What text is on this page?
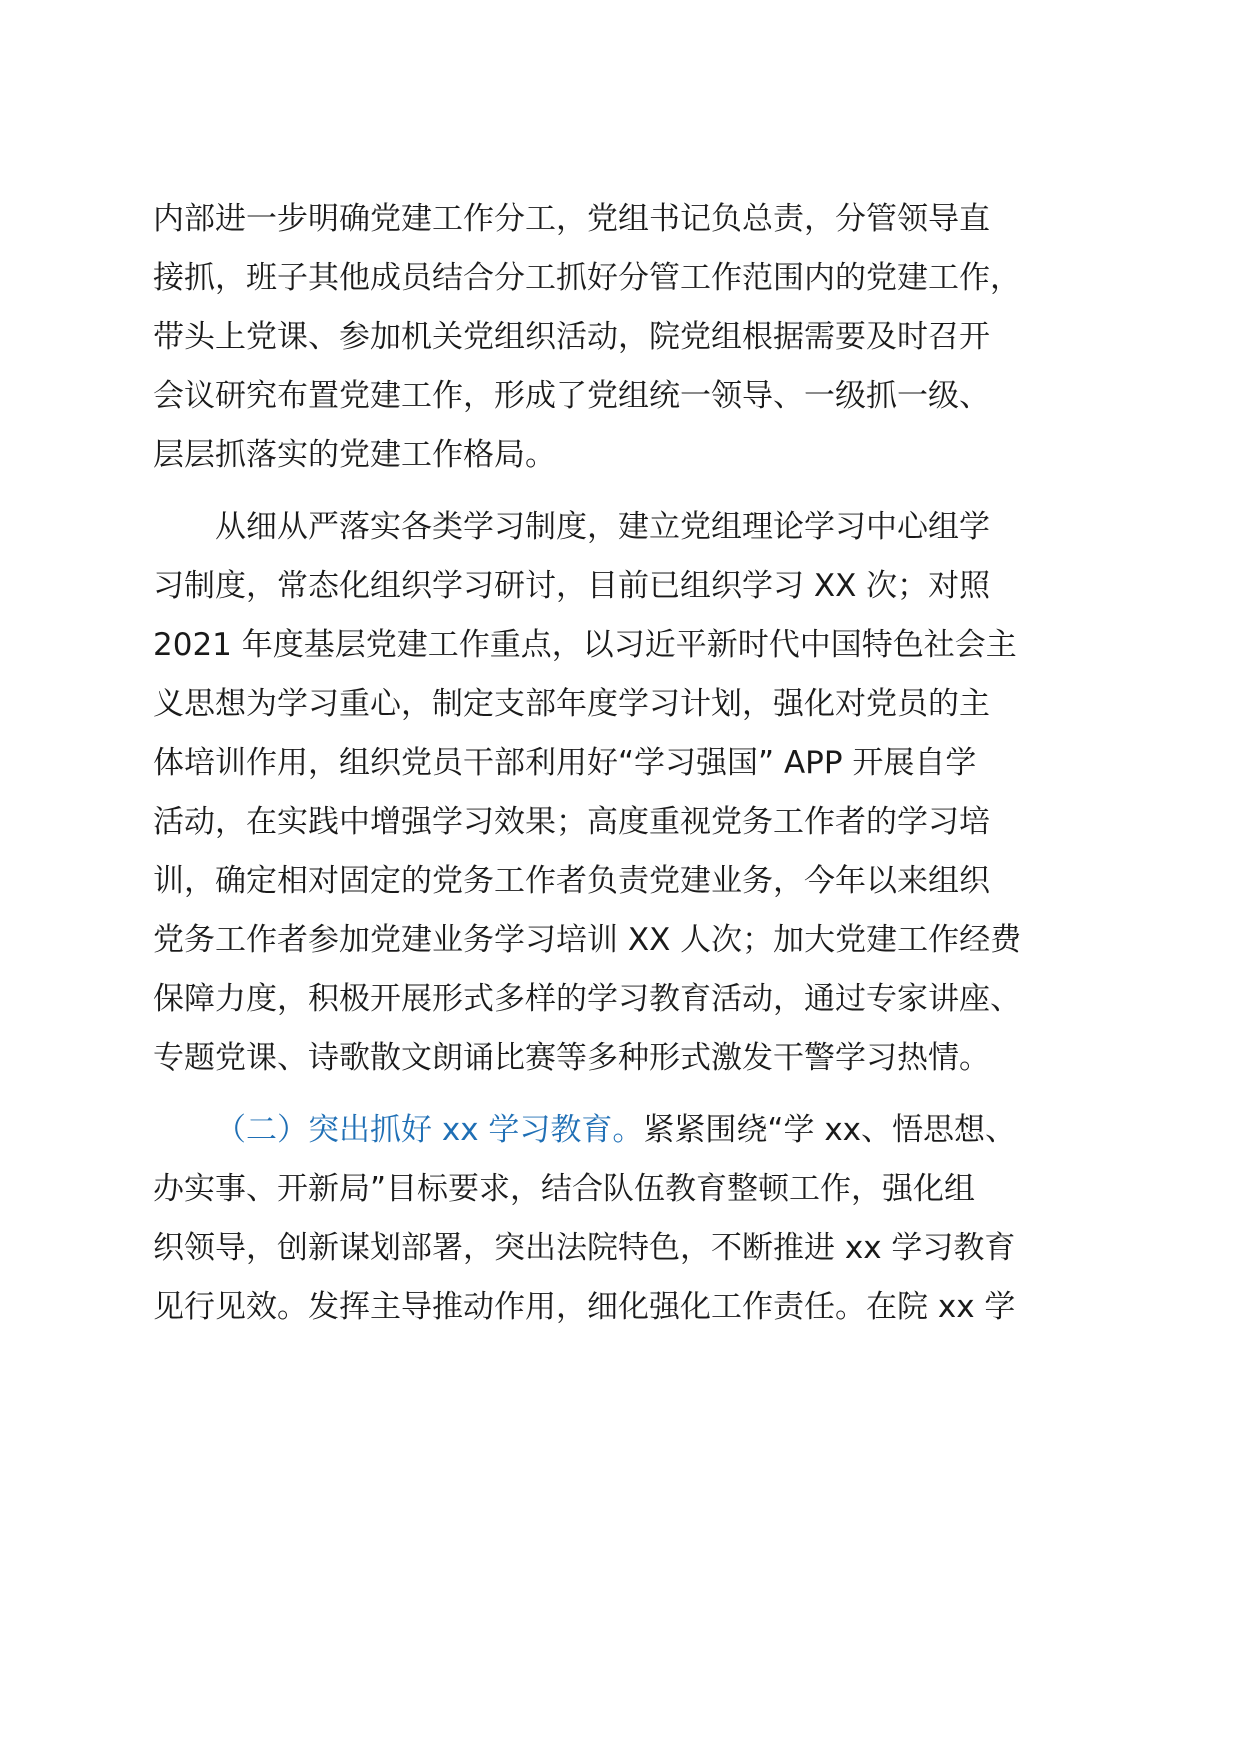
内部进一步明确党建工作分工，党组书记负总责，分管领导直
接抓，班子其他成员结合分工抓好分管工作范围内的党建工作，
带头上党课、参加机关党组织活动，院党组根据需要及时召开
会议研究布置党建工作，形成了党组统一领导、一级抓一级、
层层抓落实的党建工作格局。
从细从严落实各类学习制度，建立党组理论学习中心组学
习制度，常态化组织学习研讨，目前已组织学习 XX 次；对照
2021 年度基层党建工作重点，以习近平新时代中国特色社会主
义思想为学习重心，制定支部年度学习计划，强化对党员的主
体培训作用，组织党员干部利用好“学习强国” APP 开展自学
活动，在实践中增强学习效果；高度重视党务工作者的学习培
训，确定相对固定的党务工作者负责党建业务，今年以来组织
党务工作者参加党建业务学习培训 XX 人次；加大党建工作经费
保障力度，积极开展形式多样的学习教育活动，通过专家讲座、
专题党课、诗歌散文朗诵比赛等多种形式激发干警学习热情。
（二）突出抓好 xx 学习教育。紧紧围绕“学 xx、悟思想、
办实事、开新局”目标要求，结合队伍教育整顿工作，强化组
织领导，创新谋划部署，突出法院特色，不断推进 xx 学习教育
见行见效。发挥主导推动作用，细化强化工作责任。在院 xx 学
